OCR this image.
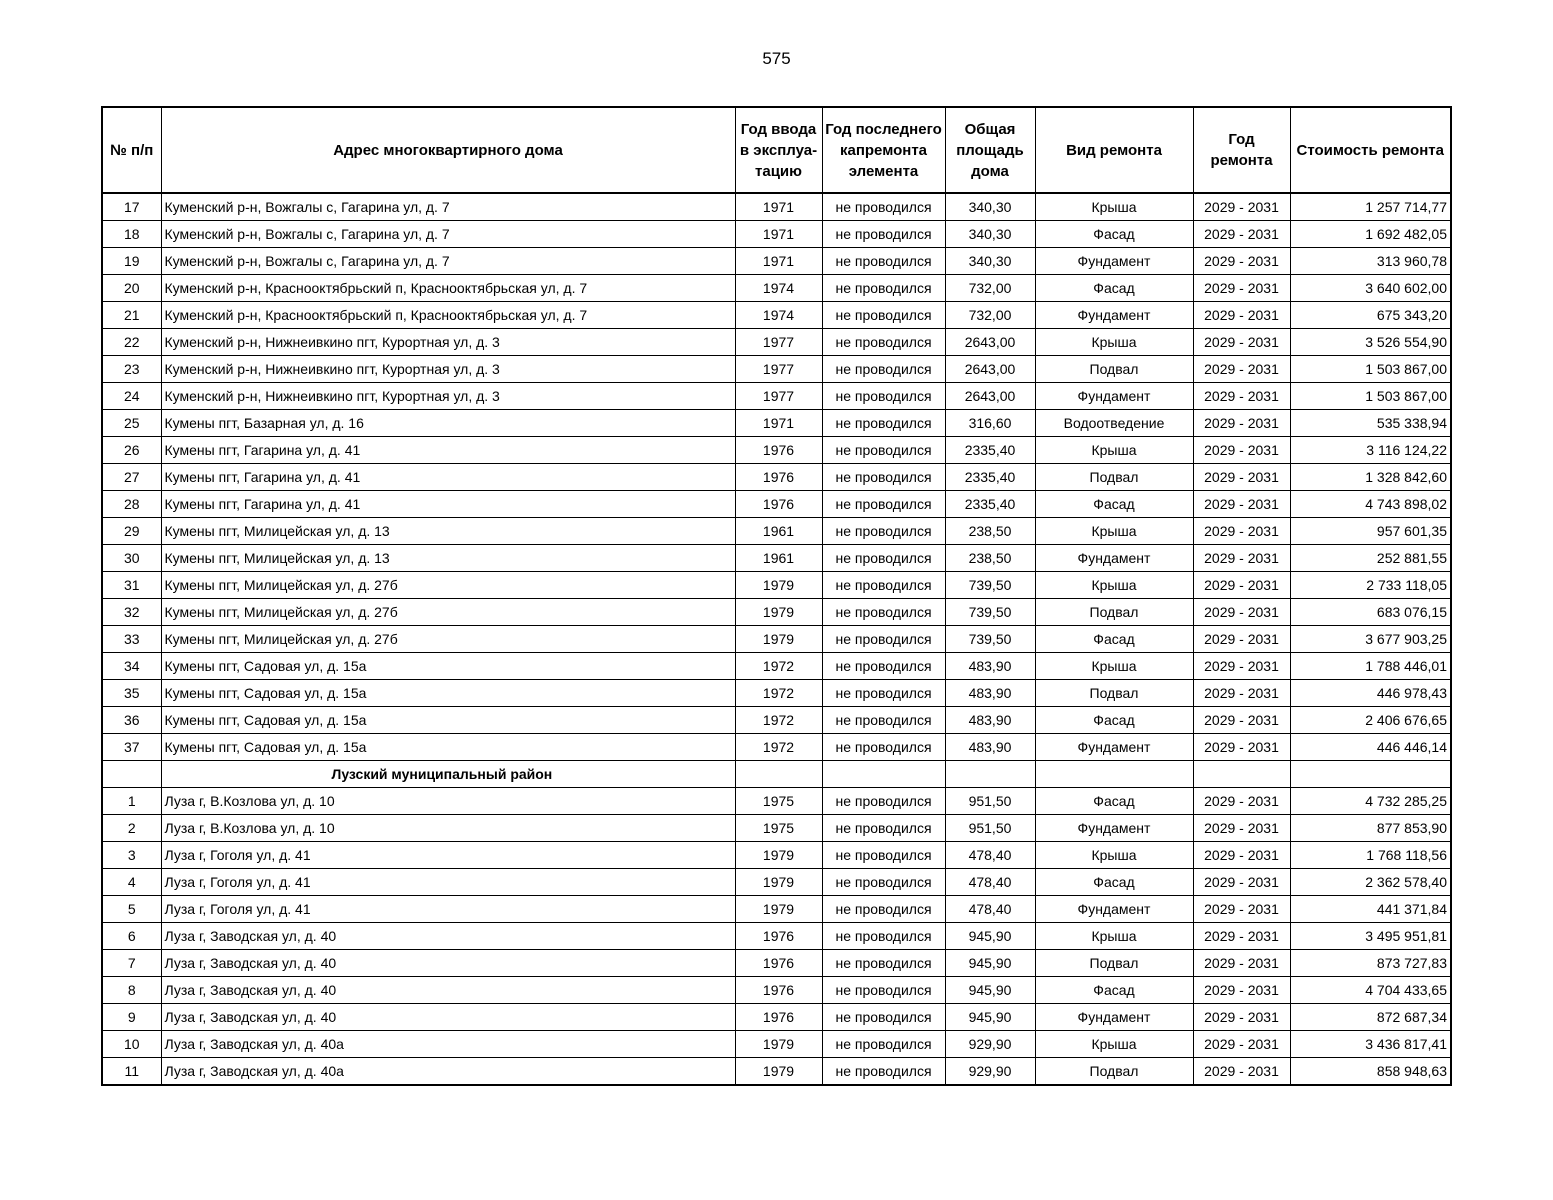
575
№ п/п	Адрес многоквартирного дома	Год ввода в эксплуа-тацию	Год последнего капремонта элемента	Общая площадь дома	Вид ремонта	Год ремонта	Стоимость ремонта
17	Куменский р-н, Вожгалы с, Гагарина ул, д. 7	1971	не проводился	340,30	Крыша	2029 - 2031	1 257 714,77
18	Куменский р-н, Вожгалы с, Гагарина ул, д. 7	1971	не проводился	340,30	Фасад	2029 - 2031	1 692 482,05
19	Куменский р-н, Вожгалы с, Гагарина ул, д. 7	1971	не проводился	340,30	Фундамент	2029 - 2031	313 960,78
20	Куменский р-н, Краснооктябрьский п, Краснооктябрьская ул, д. 7	1974	не проводился	732,00	Фасад	2029 - 2031	3 640 602,00
21	Куменский р-н, Краснооктябрьский п, Краснооктябрьская ул, д. 7	1974	не проводился	732,00	Фундамент	2029 - 2031	675 343,20
22	Куменский р-н, Нижнеивкино пгт, Курортная ул, д. 3	1977	не проводился	2643,00	Крыша	2029 - 2031	3 526 554,90
23	Куменский р-н, Нижнеивкино пгт, Курортная ул, д. 3	1977	не проводился	2643,00	Подвал	2029 - 2031	1 503 867,00
24	Куменский р-н, Нижнеивкино пгт, Курортная ул, д. 3	1977	не проводился	2643,00	Фундамент	2029 - 2031	1 503 867,00
25	Кумены пгт, Базарная ул, д. 16	1971	не проводился	316,60	Водоотведение	2029 - 2031	535 338,94
26	Кумены пгт, Гагарина ул, д. 41	1976	не проводился	2335,40	Крыша	2029 - 2031	3 116 124,22
27	Кумены пгт, Гагарина ул, д. 41	1976	не проводился	2335,40	Подвал	2029 - 2031	1 328 842,60
28	Кумены пгт, Гагарина ул, д. 41	1976	не проводился	2335,40	Фасад	2029 - 2031	4 743 898,02
29	Кумены пгт, Милицейская ул, д. 13	1961	не проводился	238,50	Крыша	2029 - 2031	957 601,35
30	Кумены пгт, Милицейская ул, д. 13	1961	не проводился	238,50	Фундамент	2029 - 2031	252 881,55
31	Кумены пгт, Милицейская ул, д. 27б	1979	не проводился	739,50	Крыша	2029 - 2031	2 733 118,05
32	Кумены пгт, Милицейская ул, д. 27б	1979	не проводился	739,50	Подвал	2029 - 2031	683 076,15
33	Кумены пгт, Милицейская ул, д. 27б	1979	не проводился	739,50	Фасад	2029 - 2031	3 677 903,25
34	Кумены пгт, Садовая ул, д. 15а	1972	не проводился	483,90	Крыша	2029 - 2031	1 788 446,01
35	Кумены пгт, Садовая ул, д. 15а	1972	не проводился	483,90	Подвал	2029 - 2031	446 978,43
36	Кумены пгт, Садовая ул, д. 15а	1972	не проводился	483,90	Фасад	2029 - 2031	2 406 676,65
37	Кумены пгт, Садовая ул, д. 15а	1972	не проводился	483,90	Фундамент	2029 - 2031	446 446,14
	Лузский муниципальный район						
1	Луза г, В.Козлова ул, д. 10	1975	не проводился	951,50	Фасад	2029 - 2031	4 732 285,25
2	Луза г, В.Козлова ул, д. 10	1975	не проводился	951,50	Фундамент	2029 - 2031	877 853,90
3	Луза г, Гоголя ул, д. 41	1979	не проводился	478,40	Крыша	2029 - 2031	1 768 118,56
4	Луза г, Гоголя ул, д. 41	1979	не проводился	478,40	Фасад	2029 - 2031	2 362 578,40
5	Луза г, Гоголя ул, д. 41	1979	не проводился	478,40	Фундамент	2029 - 2031	441 371,84
6	Луза г, Заводская ул, д. 40	1976	не проводился	945,90	Крыша	2029 - 2031	3 495 951,81
7	Луза г, Заводская ул, д. 40	1976	не проводился	945,90	Подвал	2029 - 2031	873 727,83
8	Луза г, Заводская ул, д. 40	1976	не проводился	945,90	Фасад	2029 - 2031	4 704 433,65
9	Луза г, Заводская ул, д. 40	1976	не проводился	945,90	Фундамент	2029 - 2031	872 687,34
10	Луза г, Заводская ул, д. 40а	1979	не проводился	929,90	Крыша	2029 - 2031	3 436 817,41
11	Луза г, Заводская ул, д. 40а	1979	не проводился	929,90	Подвал	2029 - 2031	858 948,63
